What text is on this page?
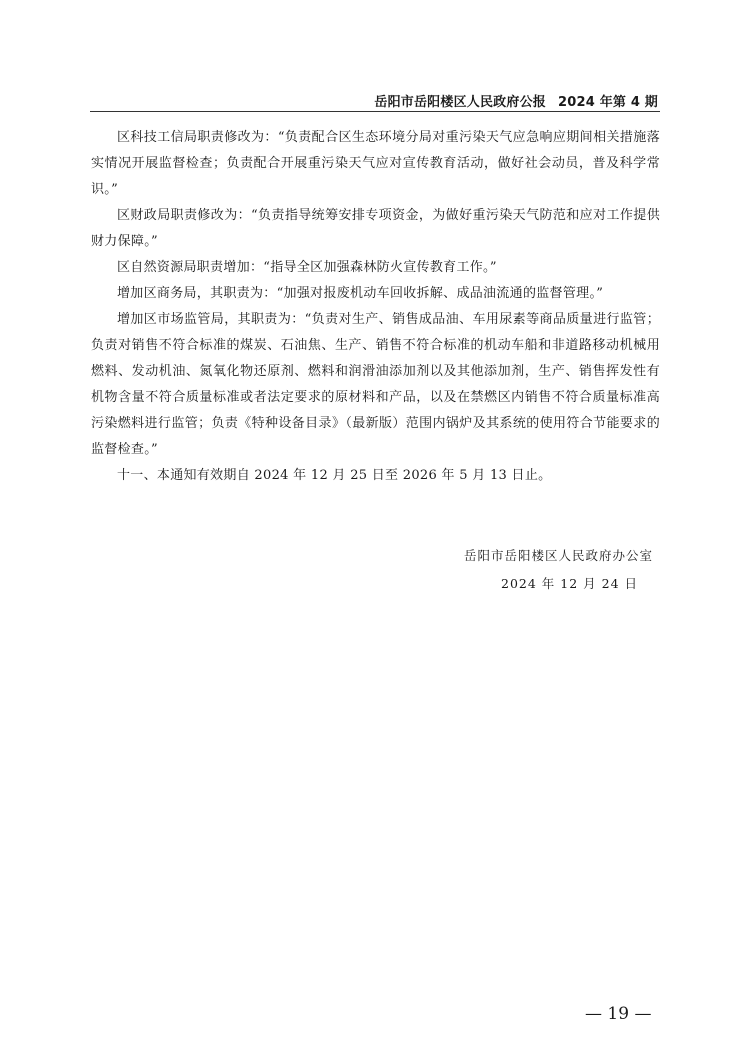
岳阳市岳阳楼区人民政府公报 2024 年第 4 期

区科技工信局职责修改为：“负责配合区生态环境分局对重污染天气应急响应期间相关措施落实情况开展监督检查；负责配合开展重污染天气应对宣传教育活动，做好社会动员，普及科学常识。”

区财政局职责修改为：“负责指导统筹安排专项资金，为做好重污染天气防范和应对工作提供财力保障。”

区自然资源局职责增加：“指导全区加强森林防火宣传教育工作。”

增加区商务局，其职责为：“加强对报废机动车回收拆解、成品油流通的监督管理。”

增加区市场监管局，其职责为：“负责对生产、销售成品油、车用尿素等商品质量进行监管；负责对销售不符合标准的煤炭、石油焦、生产、销售不符合标准的机动车船和非道路移动机械用燃料、发动机油、氮氧化物还原剂、燃料和润滑油添加剂以及其他添加剂，生产、销售挥发性有机物含量不符合质量标准或者法定要求的原材料和产品，以及在禁燃区内销售不符合质量标准高污染燃料进行监管；负责《特种设备目录》（最新版）范围内锅炉及其系统的使用符合节能要求的监督检查。”

十一、本通知有效期自 2024 年 12 月 25 日至 2026 年 5 月 13 日止。

岳阳市岳阳楼区人民政府办公室
2024 年 12 月 24 日
— 19 —
